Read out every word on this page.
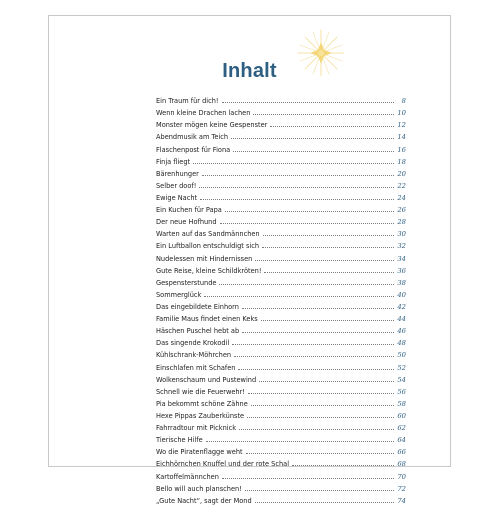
Inhalt
Ein Traum für dich!	8
Wenn kleine Drachen lachen	10
Monster mögen keine Gespenster	12
Abendmusik am Teich	14
Flaschenpost für Fiona	16
Finja fliegt	18
Bärenhunger	20
Selber doof!	22
Ewige Nacht	24
Ein Kuchen für Papa	26
Der neue Hofhund	28
Warten auf das Sandmännchen	30
Ein Luftballon entschuldigt sich	32
Nudelessen mit Hindernissen	34
Gute Reise, kleine Schildkröten!	36
Gespensterstunde	38
Sommerglück	40
Das eingebildete Einhorn	42
Familie Maus findet einen Keks	44
Häschen Puschel hebt ab	46
Das singende Krokodil	48
Kühlschrank-Möhrchen	50
Einschlafen mit Schafen	52
Wolkenschaum und Pustewind	54
Schnell wie die Feuerwehr!	56
Pia bekommt schöne Zähne	58
Hexe Pippas Zauberkünste	60
Fahrradtour mit Picknick	62
Tierische Hilfe	64
Wo die Piratenflagge weht	66
Eichhörnchen Knuffel und der rote Schal	68
Kartoffelmännchen	70
Bello will auch planschen!	72
„Gute Nacht“, sagt der Mond	74
